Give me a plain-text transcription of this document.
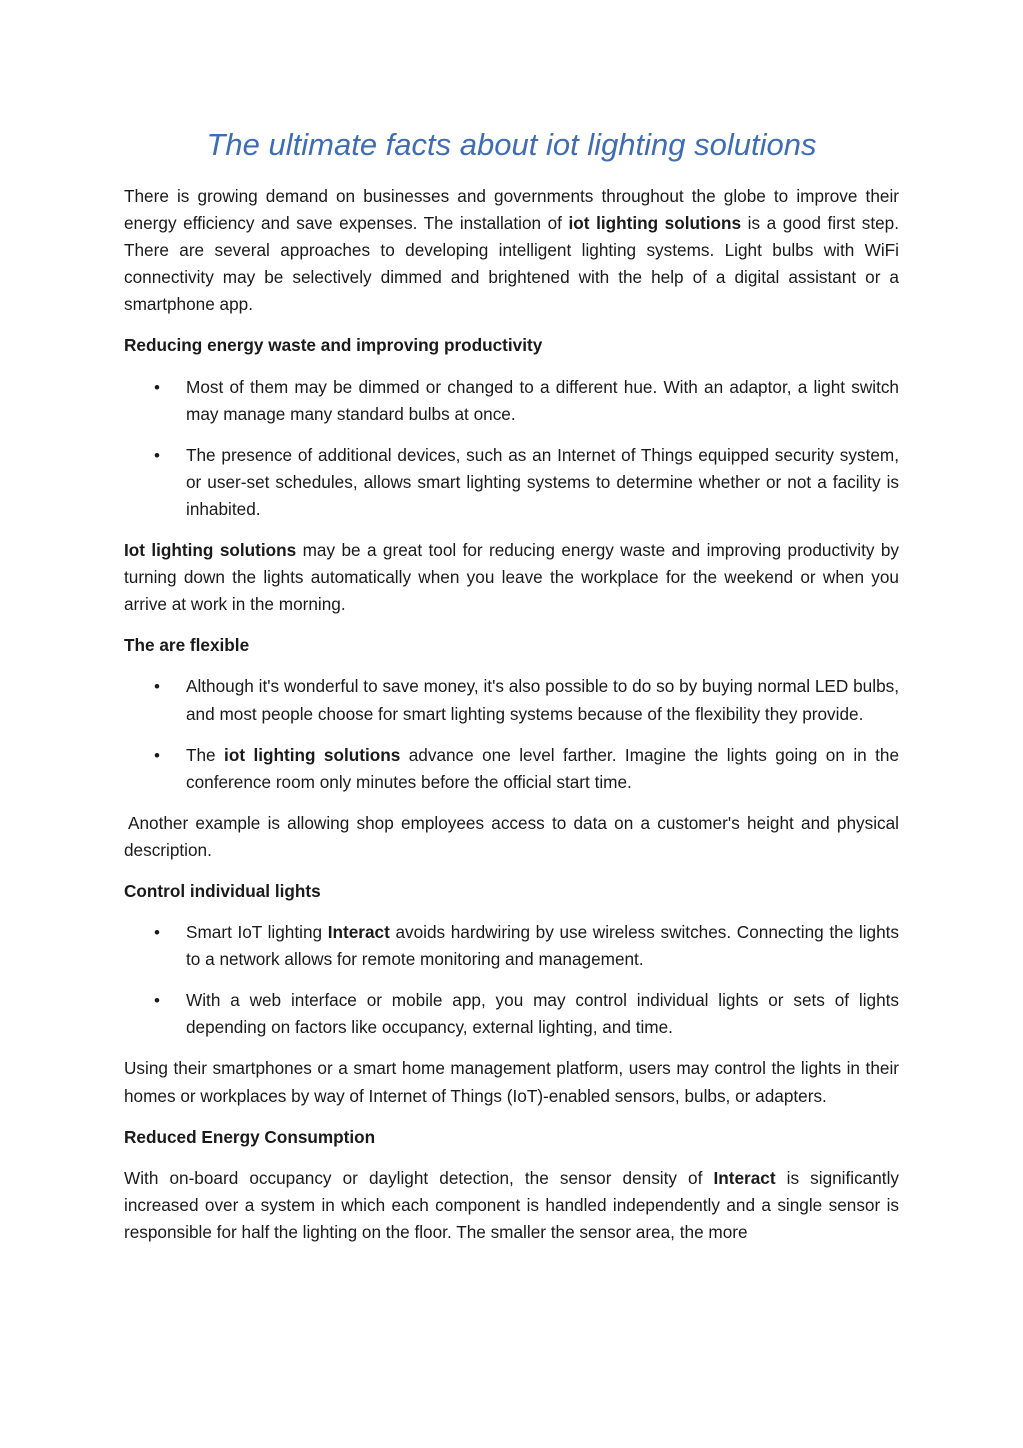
The ultimate facts about iot lighting solutions

There is growing demand on businesses and governments throughout the globe to improve their energy efficiency and save expenses. The installation of iot lighting solutions is a good first step. There are several approaches to developing intelligent lighting systems. Light bulbs with WiFi connectivity may be selectively dimmed and brightened with the help of a digital assistant or a smartphone app.

Reducing energy waste and improving productivity
• Most of them may be dimmed or changed to a different hue. With an adaptor, a light switch may manage many standard bulbs at once.
• The presence of additional devices, such as an Internet of Things equipped security system, or user-set schedules, allows smart lighting systems to determine whether or not a facility is inhabited.

Iot lighting solutions may be a great tool for reducing energy waste and improving productivity by turning down the lights automatically when you leave the workplace for the weekend or when you arrive at work in the morning.

The are flexible
• Although it's wonderful to save money, it's also possible to do so by buying normal LED bulbs, and most people choose for smart lighting systems because of the flexibility they provide.
• The iot lighting solutions advance one level farther. Imagine the lights going on in the conference room only minutes before the official start time.

Another example is allowing shop employees access to data on a customer's height and physical description.

Control individual lights
• Smart IoT lighting Interact avoids hardwiring by use wireless switches. Connecting the lights to a network allows for remote monitoring and management.
• With a web interface or mobile app, you may control individual lights or sets of lights depending on factors like occupancy, external lighting, and time.

Using their smartphones or a smart home management platform, users may control the lights in their homes or workplaces by way of Internet of Things (IoT)-enabled sensors, bulbs, or adapters.

Reduced Energy Consumption

With on-board occupancy or daylight detection, the sensor density of Interact is significantly increased over a system in which each component is handled independently and a single sensor is responsible for half the lighting on the floor. The smaller the sensor area, the more
